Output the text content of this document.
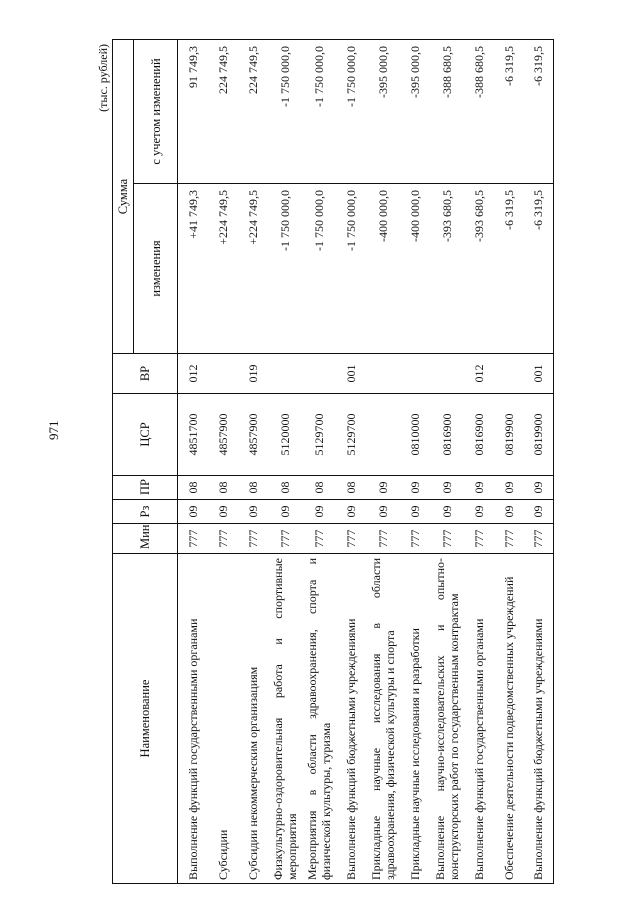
971
(тыс. рублей)
Наименование	Мин	Рз	ПР	ЦСР	ВР	Сумма	
						изменения	с учетом изменений
Выполнение функций государственными органами	777	09	08	4851700	012	+41 749,3	91 749,3
Субсидии	777	09	08	4857900		+224 749,5	224 749,5
Субсидии некоммерческим организациям	777	09	08	4857900	019	+224 749,5	224 749,5
Физкультурно-оздоровительная работа и спортивные мероприятия	777	09	08	5120000		-1 750 000,0	-1 750 000,0
Мероприятия в области здравоохранения, спорта и физической культуры, туризма	777	09	08	5129700		-1 750 000,0	-1 750 000,0
Выполнение функций бюджетными учреждениями	777	09	08	5129700	001	-1 750 000,0	-1 750 000,0
Прикладные научные исследования в области здравоохранения, физической культуры и спорта	777	09	09			-400 000,0	-395 000,0
Прикладные научные исследования и разработки	777	09	09	0810000		-400 000,0	-395 000,0
Выполнение научно-исследовательских и опытно-конструкторских работ по государственным контрактам	777	09	09	0816900		-393 680,5	-388 680,5
Выполнение функций государственными органами	777	09	09	0816900	012	-393 680,5	-388 680,5
Обеспечение деятельности подведомственных учреждений	777	09	09	0819900		-6 319,5	-6 319,5
Выполнение функций бюджетными учреждениями	777	09	09	0819900	001	-6 319,5	-6 319,5
